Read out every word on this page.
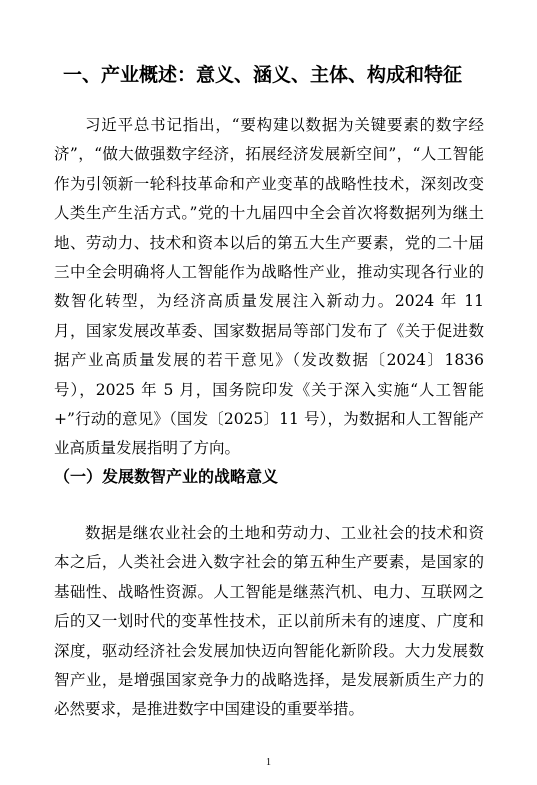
一、产业概述：意义、涵义、主体、构成和特征

习近平总书记指出，“要构建以数据为关键要素的数字经济”，“做大做强数字经济，拓展经济发展新空间”，“人工智能作为引领新一轮科技革命和产业变革的战略性技术，深刻改变人类生产生活方式。”党的十九届四中全会首次将数据列为继土地、劳动力、技术和资本以后的第五大生产要素，党的二十届三中全会明确将人工智能作为战略性产业，推动实现各行业的数智化转型，为经济高质量发展注入新动力。2024 年 11 月，国家发展改革委、国家数据局等部门发布了《关于促进数据产业高质量发展的若干意见》（发改数据〔2024〕1836 号），2025 年 5 月，国务院印发《关于深入实施“人工智能+”行动的意见》（国发〔2025〕11 号），为数据和人工智能产业高质量发展指明了方向。

（一）发展数智产业的战略意义

数据是继农业社会的土地和劳动力、工业社会的技术和资本之后，人类社会进入数字社会的第五种生产要素，是国家的基础性、战略性资源。人工智能是继蒸汽机、电力、互联网之后的又一划时代的变革性技术，正以前所未有的速度、广度和深度，驱动经济社会发展加快迈向智能化新阶段。大力发展数智产业，是增强国家竞争力的战略选择，是发展新质生产力的必然要求，是推进数字中国建设的重要举措。

1
